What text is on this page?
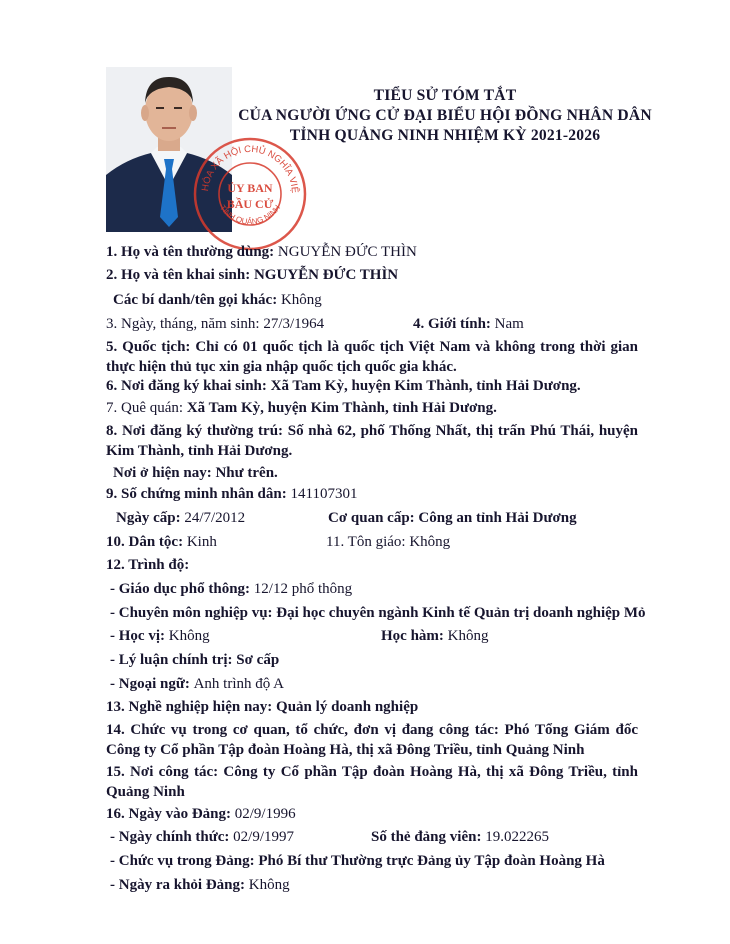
HÒA XÃ HỘI CHỦ NGHĨA VIỆ
TỈNH QUẢNG NINH
ỦY BAN
BẦU CỬ
TIỂU SỬ TÓM TẮT
CỦA NGƯỜI ỨNG CỬ ĐẠI BIỂU HỘI ĐỒNG NHÂN DÂN
TỈNH QUẢNG NINH NHIỆM KỲ 2021-2026
1. Họ và tên thường dùng: NGUYỄN ĐỨC THÌN
2. Họ và tên khai sinh: NGUYỄN ĐỨC THÌN
Các bí danh/tên gọi khác: Không
3. Ngày, tháng, năm sinh: 27/3/1964	4. Giới tính: Nam
5. Quốc tịch: Chỉ có 01 quốc tịch là quốc tịch Việt Nam và không trong thời gian thực hiện thủ tục xin gia nhập quốc tịch quốc gia khác.
6. Nơi đăng ký khai sinh: Xã Tam Kỳ, huyện Kim Thành, tỉnh Hải Dương.
7. Quê quán: Xã Tam Kỳ, huyện Kim Thành, tỉnh Hải Dương.
8. Nơi đăng ký thường trú: Số nhà 62, phố Thống Nhất, thị trấn Phú Thái, huyện Kim Thành, tỉnh Hải Dương.
Nơi ở hiện nay: Như trên.
9. Số chứng minh nhân dân: 141107301
Ngày cấp: 24/7/2012	Cơ quan cấp: Công an tỉnh Hải Dương
10. Dân tộc: Kinh	11. Tôn giáo: Không
12. Trình độ:
- Giáo dục phổ thông: 12/12 phổ thông
- Chuyên môn nghiệp vụ: Đại học chuyên ngành Kinh tế Quản trị doanh nghiệp Mỏ
- Học vị: Không	Học hàm: Không
- Lý luận chính trị: Sơ cấp
- Ngoại ngữ: Anh trình độ A
13. Nghề nghiệp hiện nay: Quản lý doanh nghiệp
14. Chức vụ trong cơ quan, tổ chức, đơn vị đang công tác: Phó Tổng Giám đốc Công ty Cổ phần Tập đoàn Hoàng Hà, thị xã Đông Triều, tỉnh Quảng Ninh
15. Nơi công tác: Công ty Cổ phần Tập đoàn Hoàng Hà, thị xã Đông Triều, tỉnh Quảng Ninh
16. Ngày vào Đảng: 02/9/1996
- Ngày chính thức: 02/9/1997	Số thẻ đảng viên: 19.022265
- Chức vụ trong Đảng: Phó Bí thư Thường trực Đảng ủy Tập đoàn Hoàng Hà
- Ngày ra khỏi Đảng: Không
